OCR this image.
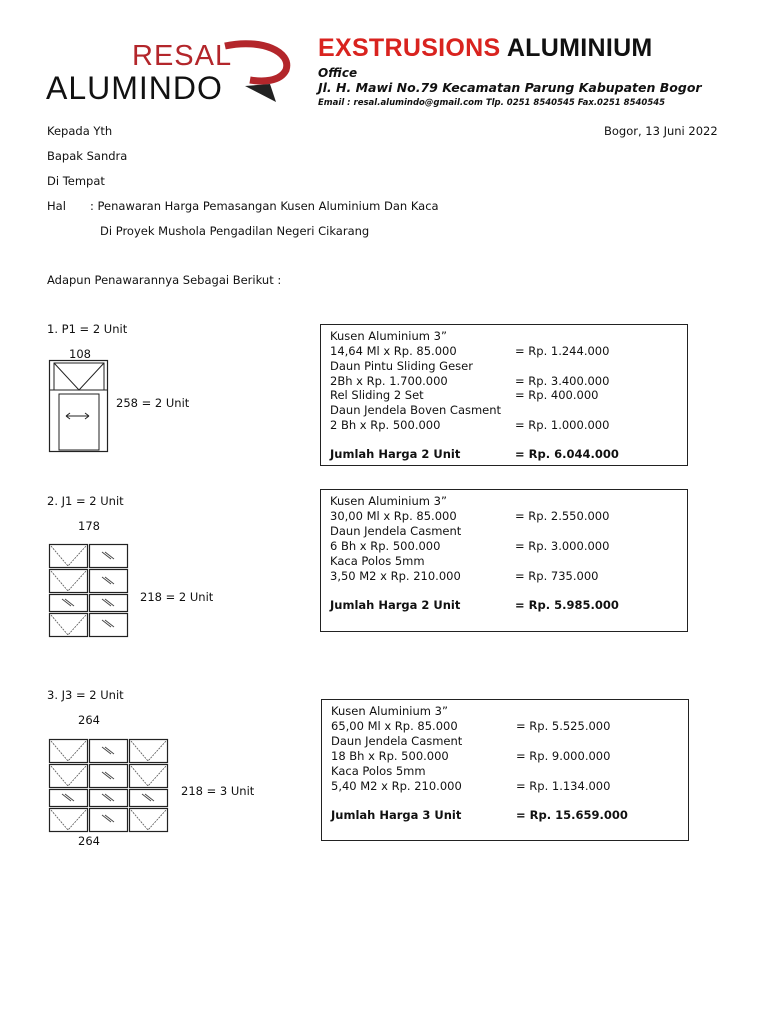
RESAL
ALUMINDO
EXSTRUSIONS ALUMINIUM
Office
Jl. H. Mawi No.79 Kecamatan Parung Kabupaten Bogor
Email : resal.alumindo@gmail.com Tlp. 0251 8540545 Fax.0251 8540545
Kepada Yth	Bogor, 13 Juni 2022
Bapak Sandra
Di Tempat
Hal : Penawaran Harga Pemasangan Kusen Aluminium Dan Kaca
Di Proyek Mushola Pengadilan Negeri Cikarang
Adapun Penawarannya Sebagai Berikut :
1. P1 = 2 Unit
108
258 = 2 Unit
Kusen Aluminium 3”
14,64 Ml x Rp. 85.000	= Rp. 1.244.000
Daun Pintu Sliding Geser
2Bh x Rp. 1.700.000	= Rp. 3.400.000
Rel Sliding 2 Set	= Rp. 400.000
Daun Jendela Boven Casment
2 Bh x Rp. 500.000	= Rp. 1.000.000
Jumlah Harga 2 Unit	= Rp. 6.044.000
2. J1 = 2 Unit
178
218 = 2 Unit
Kusen Aluminium 3”
30,00 Ml x Rp. 85.000	= Rp. 2.550.000
Daun Jendela Casment
6 Bh x Rp. 500.000	= Rp. 3.000.000
Kaca Polos 5mm
3,50 M2 x Rp. 210.000	= Rp. 735.000
Jumlah Harga 2 Unit	= Rp. 5.985.000
3. J3 = 2 Unit
264
218 = 3 Unit
264
Kusen Aluminium 3”
65,00 Ml x Rp. 85.000	= Rp. 5.525.000
Daun Jendela Casment
18 Bh x Rp. 500.000	= Rp. 9.000.000
Kaca Polos 5mm
5,40 M2 x Rp. 210.000	= Rp. 1.134.000
Jumlah Harga 3 Unit	= Rp. 15.659.000
